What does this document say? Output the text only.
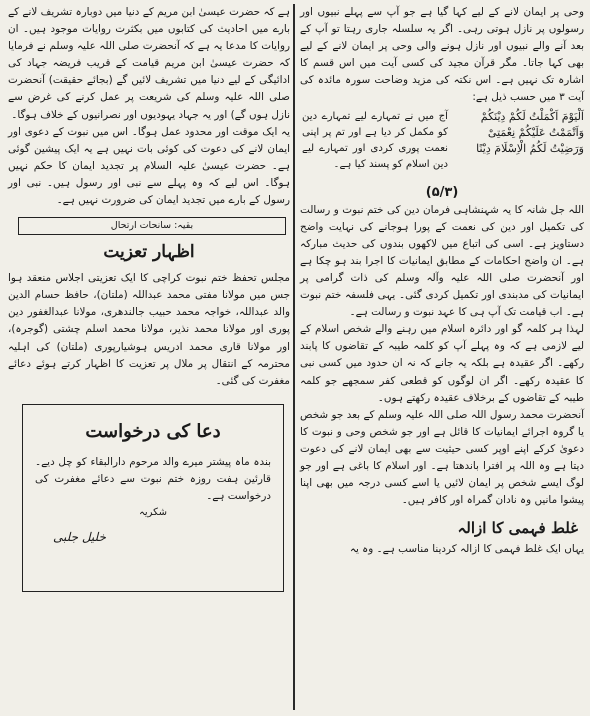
وحی پر ایمان لانے کے لیے کہا گیا ہے جو آپ سے پہلے نبیوں اور رسولوں پر نازل ہوتی رہی۔ اگر یہ سلسلہ جاری رہتا تو آپ کے بعد آنے والے نبیوں اور نازل ہونے والی وحی پر ایمان لانے کے لیے بھی کہا جاتا۔ مگر قرآن مجید کی کسی آیت میں اس قسم کا اشارہ تک نہیں ہے۔ اس نکتہ کی مزید وضاحت سورہ مائدہ کی آیت ۳ میں حسب ذیل ہے:

اَلْیَوْمَ اَکْمَلْتُ لَکُمْ دِیْنَکُمْ وَاَتْمَمْتُ عَلَیْکُمْ نِعْمَتِیْ وَرَضِیْتُ لَکُمُ الْاِسْلَامَ دِیْنًا
آج میں نے تمہارے لیے تمہارے دین کو مکمل کر دیا ہے اور تم پر اپنی نعمت پوری کردی اور تمہارے لیے دین اسلام کو پسند کیا ہے۔
(۵/۳)

اللہ جل شانہ کا یہ شہنشاہی فرمان دین کی ختم نبوت و رسالت کی تکمیل اور دین کی نعمت کے پورا ہوجانے کی نہایت واضح دستاویز ہے۔ اسی کی اتباع میں لاکھوں بندوں کی حدیث مبارکہ ہے۔ ان واضح احکامات کے مطابق ایمانیات کا اجرا بند ہو چکا ہے اور آنحضرت صلی اللہ علیہ وآلہ وسلم کی ذات گرامی پر ایمانیات کی مدبندی اور تکمیل کردی گئی۔ یہی فلسفہ ختم نبوت ہے۔ اب قیامت تک آپ ہی کا عہد نبوت و رسالت ہے۔

لہذا ہر کلمہ گو اور دائرہ اسلام میں رہنے والے شخص اسلام کے لیے لازمی ہے کہ وہ پہلے آپ کو کلمہ طیبہ کے تقاضوں کا پابند رکھے۔ اگر عقیدہ ہے بلکہ یہ جانے کہ نہ ان حدود میں کسی نبی کا عقیدہ رکھے۔ اگر ان لوگوں کو قطعی کفر سمجھے جو کلمہ طیبہ کے تقاضوں کے برخلاف عقیدہ رکھتے ہوں۔

آنحضرت محمد رسول اللہ صلی اللہ علیہ وسلم کے بعد جو شخص یا گروہ اجرائے ایمانیات کا قائل ہے اور جو شخص وحی و نبوت کا دعویٰ کرکے اپنے اوپر کسی حیثیت سے بھی ایمان لانے کی دعوت دیتا ہے وہ اللہ پر افترا باندھتا ہے۔ اور اسلام کا باغی ہے اور جو لوگ ایسے شخص پر ایمان لائیں یا اسے کسی درجہ میں بھی اپنا پیشوا مانیں وہ نادان گمراہ اور کافر ہیں۔

غلط فہمی کا ازالہ

یہاں ایک غلط فہمی کا ازالہ کردینا مناسب ہے۔ وہ یہ

ہے کہ حضرت عیسیٰ ابن مریم کے دنیا میں دوبارہ تشریف لانے کے بارے میں احادیث کی کتابوں میں بکثرت روایات موجود ہیں۔ ان روایات کا مدعا یہ ہے کہ آنحضرت صلی اللہ علیہ وسلم نے فرمایا کہ حضرت عیسیٰ ابن مریم قیامت کے قریب فریضہ جہاد کی ادائیگی کے لیے دنیا میں تشریف لائیں گے (بجائے حقیقت) آنحضرت صلی اللہ علیہ وسلم کی شریعت پر عمل کرنے کی غرض سے نازل ہوں گے) اور یہ جہاد یہودیوں اور نصرانیوں کے خلاف ہوگا۔

یہ ایک موقت اور محدود عمل ہوگا۔ اس میں نبوت کے دعوی اور ایمان لانے کی دعوت کی کوئی بات نہیں ہے یہ ایک پیشین گوئی ہے۔ حضرت عیسیٰ علیہ السلام پر تجدید ایمان کا حکم نہیں ہوگا۔ اس لیے کہ وہ پہلے سے نبی اور رسول ہیں۔ نبی اور رسول کے بارے میں تجدید ایمان کی ضرورت نہیں ہے۔

بقیہ: سانحات ارتحال
اظہار تعزیت

مجلس تحفظ ختم نبوت کراچی کا ایک تعزیتی اجلاس منعقد ہوا جس میں مولانا مفتی محمد عبداللہ (ملتان)، حافظ حسام الدین والد عبداللہ، خواجہ محمد حبیب جالندھری، مولانا عبدالغفور دین پوری اور مولانا محمد نذیر، مولانا محمد اسلم چشتی (گوجرہ)، اور مولانا قاری محمد ادریس ہوشیارپوری (ملتان) کی اہلیہ محترمہ کے انتقال پر ملال پر تعزیت کا اظہار کرتے ہوئے دعائے مغفرت کی گئی۔

دعا کی درخواست
بندہ ماہ پیشتر میرے والد مرحوم دارالبقاء کو چل دیے۔ قارئین ہفت روزہ ختم نبوت سے دعائے مغفرت کی درخواست ہے۔
شکریہ
خلیل جلبی
